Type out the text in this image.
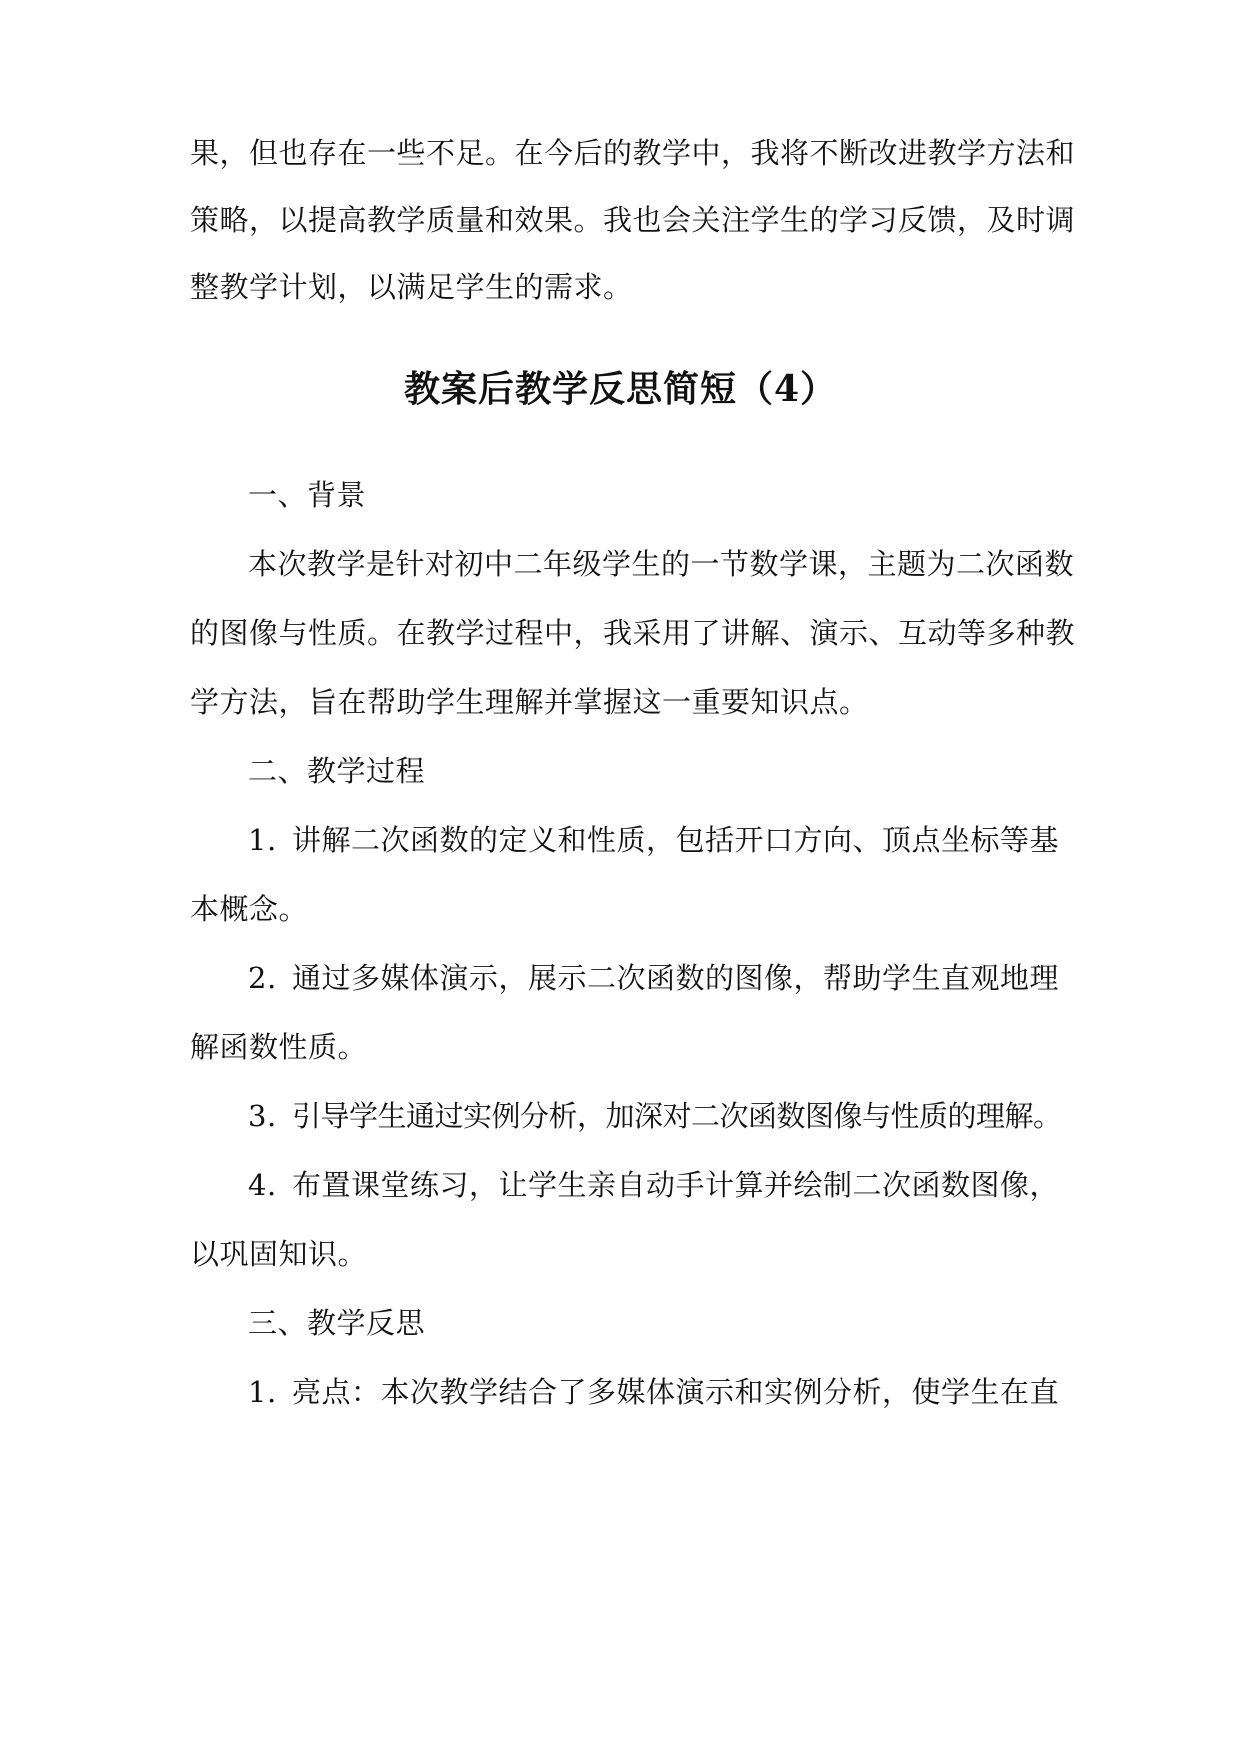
果，但也存在一些不足。在今后的教学中，我将不断改进教学方法和
策略，以提高教学质量和效果。我也会关注学生的学习反馈，及时调
整教学计划，以满足学生的需求。
教案后教学反思简短（4）
一、背景
本次教学是针对初中二年级学生的一节数学课，主题为二次函数
的图像与性质。在教学过程中，我采用了讲解、演示、互动等多种教
学方法，旨在帮助学生理解并掌握这一重要知识点。
二、教学过程
1. 讲解二次函数的定义和性质，包括开口方向、顶点坐标等基
本概念。
2. 通过多媒体演示，展示二次函数的图像，帮助学生直观地理
解函数性质。
3. 引导学生通过实例分析，加深对二次函数图像与性质的理解。
4. 布置课堂练习，让学生亲自动手计算并绘制二次函数图像，
以巩固知识。
三、教学反思
1. 亮点：本次教学结合了多媒体演示和实例分析，使学生在直
